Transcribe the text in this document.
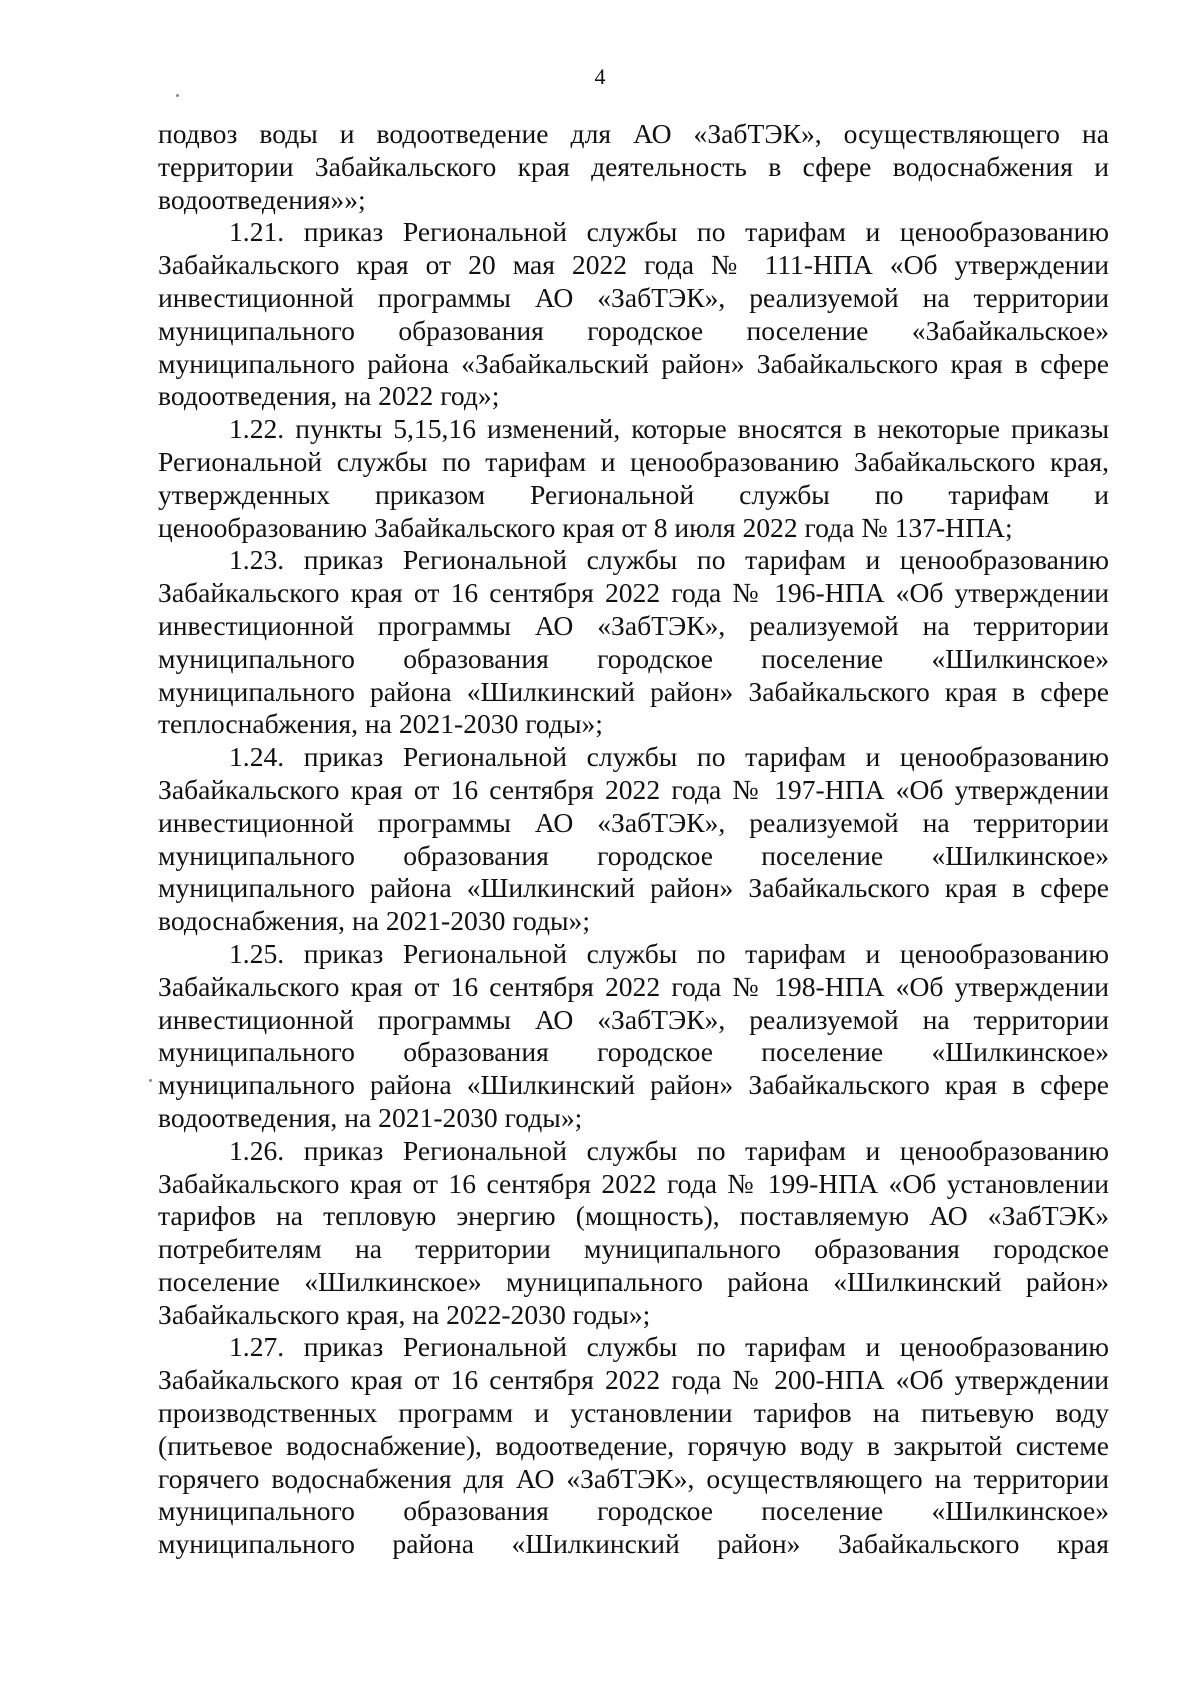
4
подвоз воды и водоотведение для АО «ЗабТЭК», осуществляющего на
территории Забайкальского края деятельность в сфере водоснабжения и
водоотведения»»;
1.21. приказ Региональной службы по тарифам и ценообразованию
Забайкальского края от 20 мая 2022 года № 111-НПА «Об утверждении
инвестиционной программы АО «ЗабТЭК», реализуемой на территории
муниципального образования городское поселение «Забайкальское»
муниципального района «Забайкальский район» Забайкальского края в сфере
водоотведения, на 2022 год»;
1.22. пункты 5,15,16 изменений, которые вносятся в некоторые приказы
Региональной службы по тарифам и ценообразованию Забайкальского края,
утвержденных приказом Региональной службы по тарифам и
ценообразованию Забайкальского края от 8 июля 2022 года № 137-НПА;
1.23. приказ Региональной службы по тарифам и ценообразованию
Забайкальского края от 16 сентября 2022 года № 196-НПА «Об утверждении
инвестиционной программы АО «ЗабТЭК», реализуемой на территории
муниципального образования городское поселение «Шилкинское»
муниципального района «Шилкинский район» Забайкальского края в сфере
теплоснабжения, на 2021-2030 годы»;
1.24. приказ Региональной службы по тарифам и ценообразованию
Забайкальского края от 16 сентября 2022 года № 197-НПА «Об утверждении
инвестиционной программы АО «ЗабТЭК», реализуемой на территории
муниципального образования городское поселение «Шилкинское»
муниципального района «Шилкинский район» Забайкальского края в сфере
водоснабжения, на 2021-2030 годы»;
1.25. приказ Региональной службы по тарифам и ценообразованию
Забайкальского края от 16 сентября 2022 года № 198-НПА «Об утверждении
инвестиционной программы АО «ЗабТЭК», реализуемой на территории
муниципального образования городское поселение «Шилкинское»
муниципального района «Шилкинский район» Забайкальского края в сфере
водоотведения, на 2021-2030 годы»;
1.26. приказ Региональной службы по тарифам и ценообразованию
Забайкальского края от 16 сентября 2022 года № 199-НПА «Об установлении
тарифов на тепловую энергию (мощность), поставляемую АО «ЗабТЭК»
потребителям на территории муниципального образования городское
поселение «Шилкинское» муниципального района «Шилкинский район»
Забайкальского края, на 2022-2030 годы»;
1.27. приказ Региональной службы по тарифам и ценообразованию
Забайкальского края от 16 сентября 2022 года № 200-НПА «Об утверждении
производственных программ и установлении тарифов на питьевую воду
(питьевое водоснабжение), водоотведение, горячую воду в закрытой системе
горячего водоснабжения для АО «ЗабТЭК», осуществляющего на территории
муниципального образования городское поселение «Шилкинское»
муниципального района «Шилкинский район» Забайкальского края
